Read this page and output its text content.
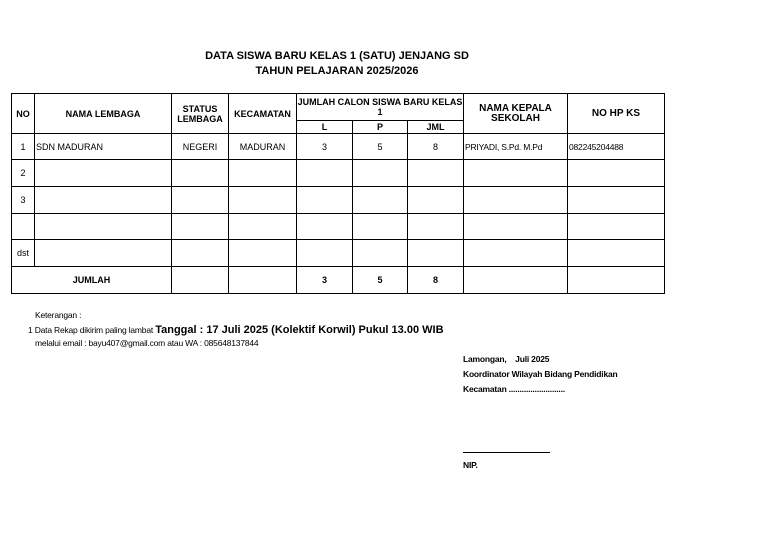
DATA SISWA BARU KELAS 1 (SATU) JENJANG SD
TAHUN PELAJARAN 2025/2026
NO	NAMA LEMBAGA	STATUS LEMBAGA	KECAMATAN	JUMLAH CALON SISWA BARU KELAS 1			NAMA KEPALA SEKOLAH	NO HP KS
				L	P	JML		
1	SDN MADURAN	NEGERI	MADURAN	3	5	8	PRIYADI, S.Pd. M.Pd	082245204488
2								
3								

dst								
JUMLAH				3	5	8		
Keterangan :
1 Data Rekap dikirim paling lambat Tanggal : 17 Juli 2025 (Kolektif Korwil) Pukul 13.00 WIB
melalui email : bayu407@gmail.com atau WA : 085648137844
Lamongan,    Juli 2025
Koordinator Wilayah Bidang Pendidikan
Kecamatan ..........................
NIP.
